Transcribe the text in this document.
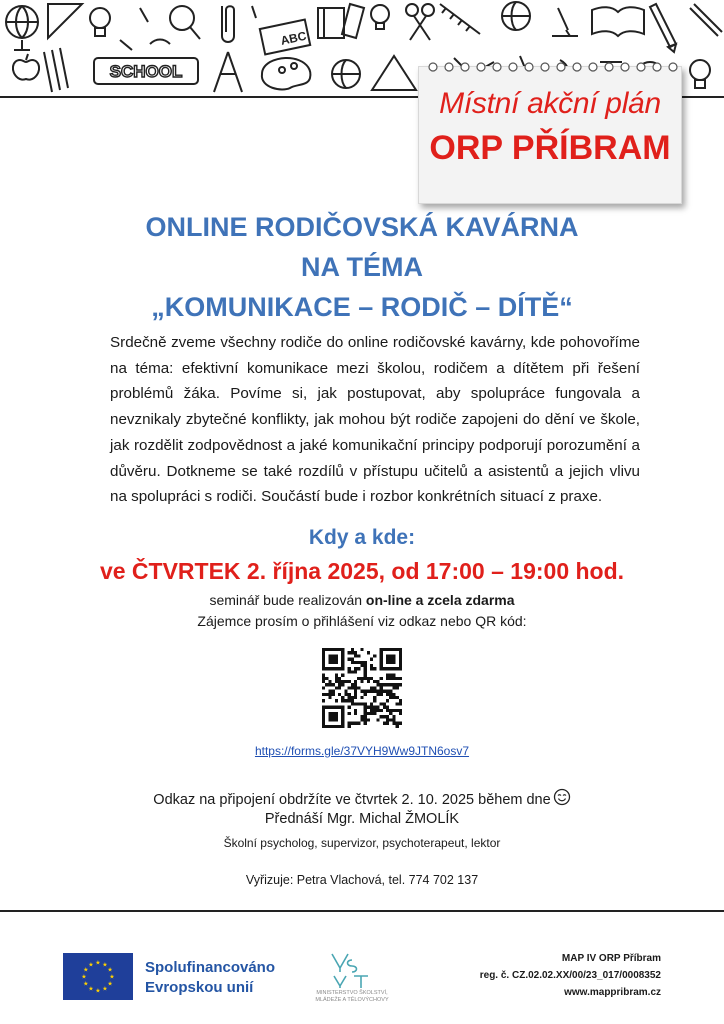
ABC
SCHOOL
Místní akční plán
ORP PŘÍBRAM
ONLINE RODIČOVSKÁ KAVÁRNA
NA TÉMA
„KOMUNIKACE – RODIČ – DÍTĚ“
Srdečně zveme všechny rodiče do online rodičovské kavárny, kde pohovoříme na téma: efektivní komunikace mezi školou, rodičem a dítětem při řešení problémů žáka. Povíme si, jak postupovat, aby spolupráce fungovala a nevznikaly zbytečné konflikty, jak mohou být rodiče zapojeni do dění ve škole, jak rozdělit zodpovědnost a jaké komunikační principy podporují porozumění a důvěru. Dotkneme se také rozdílů v přístupu učitelů a asistentů a jejich vlivu na spolupráci s rodiči. Součástí bude i rozbor konkrétních situací z praxe.
Kdy a kde:
ve ČTVRTEK 2. října 2025, od 17:00 – 19:00 hod.
seminář bude realizován on-line a zcela zdarma
Zájemce prosím o přihlášení viz odkaz nebo QR kód:
https://forms.gle/37VYH9Ww9JTN6osv7
Odkaz na připojení obdržíte ve čtvrtek 2. 10. 2025 během dne
Přednáší Mgr. Michal ŽMOLÍK
Školní psycholog, supervizor, psychoterapeut, lektor
Vyřizuje: Petra Vlachová, tel. 774 702 137
★
★
★
★
★
★
★
★
★ ★ ★
★ Spolufinancováno
Evropskou unií	MINISTERSTVO ŠKOLSTVÍ,
MLÁDEŽE A TĚLOVÝCHOVY
MAP IV ORP Příbram
reg. č. CZ.02.02.XX/00/23_017/0008352
www.mappribram.cz
